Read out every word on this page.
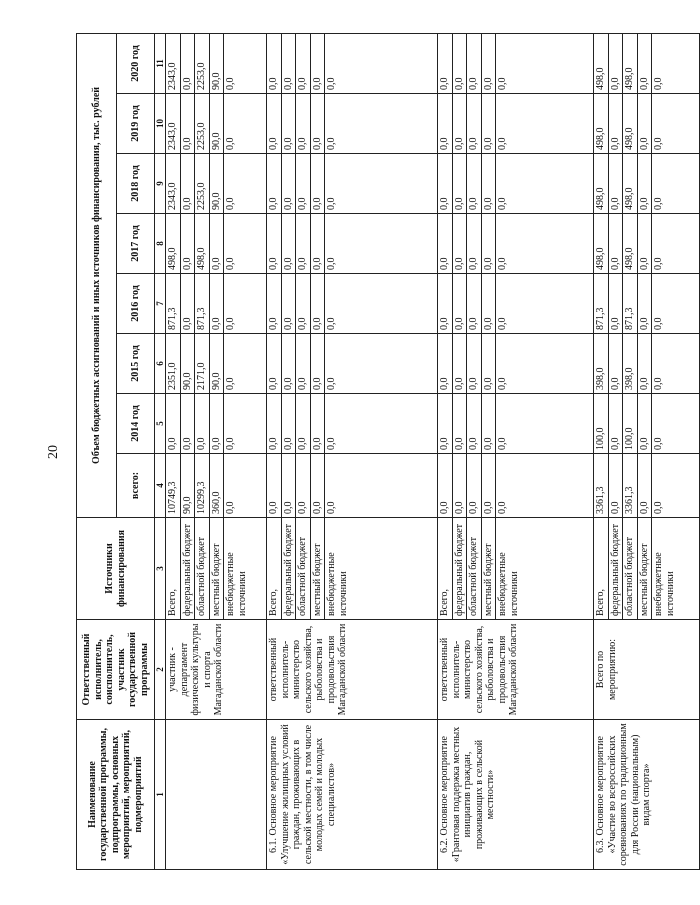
20
Наименование государственной программы, подпрограммы, основных мероприятий, мероприятий, подмероприятий	Ответственный исполнитель, соисполнитель, участник государственной программы	Источники финансирования	Объем бюджетных ассигнований и иных источников финансирования, тыс. рублей							
			всего:	2014 год	2015 год	2016 год	2017 год	2018 год	2019 год	2020 год
1	2	3	4	5	6	7	8	9	10	11
	участник - департамент физической культуры и спорта Магаданской области	Всего,	10749,3	0,0	2351,0	871,3	498,0	2343,0	2343,0	2343,0
		федеральный бюджет	90,0	0,0	90,0	0,0	0,0	0,0	0,0	0,0
		областной бюджет	10299,3	0,0	2171,0	871,3	498,0	2253,0	2253,0	2253,0
		местный бюджет	360,0	0,0	90,0	0,0	0,0	90,0	90,0	90,0
		внебюджетные источники	0,0	0,0	0,0	0,0	0,0	0,0	0,0	0,0
6.1. Основное мероприятие «Улучшение жилищных условий граждан, проживающих в сельской местности, в том числе молодых семей и молодых специалистов»	ответственный исполнитель- министерство сельского хозяйства, рыболовства и продовольствия Магаданской области	Всего,	0,0	0,0	0,0	0,0	0,0	0,0	0,0	0,0
		федеральный бюджет	0,0	0,0	0,0	0,0	0,0	0,0	0,0	0,0
		областной бюджет	0,0	0,0	0,0	0,0	0,0	0,0	0,0	0,0
		местный бюджет	0,0	0,0	0,0	0,0	0,0	0,0	0,0	0,0
		внебюджетные источники	0,0	0,0	0,0	0,0	0,0	0,0	0,0	0,0
6.2. Основное мероприятие «Грантовая поддержка местных инициатив граждан, проживающих в сельской местности»	ответственный исполнитель- министерство сельского хозяйства, рыболовства и продовольствия Магаданской области	Всего,	0,0	0,0	0,0	0,0	0,0	0,0	0,0	0,0
		федеральный бюджет	0,0	0,0	0,0	0,0	0,0	0,0	0,0	0,0
		областной бюджет	0,0	0,0	0,0	0,0	0,0	0,0	0,0	0,0
		местный бюджет	0,0	0,0	0,0	0,0	0,0	0,0	0,0	0,0
		внебюджетные источники	0,0	0,0	0,0	0,0	0,0	0,0	0,0	0,0
6.3. Основное мероприятие «Участие во всероссийских соревнованиях по традиционным для России (национальным) видам спорта»	Всего по мероприятию:	Всего,	3361,3	100,0	398,0	871,3	498,0	498,0	498,0	498,0
		федеральный бюджет	0,0	0,0	0,0	0,0	0,0	0,0	0,0	0,0
		областной бюджет	3361,3	100,0	398,0	871,3	498,0	498,0	498,0	498,0
		местный бюджет	0,0	0,0	0,0	0,0	0,0	0,0	0,0	0,0
		внебюджетные источники	0,0	0,0	0,0	0,0	0,0	0,0	0,0	0,0
